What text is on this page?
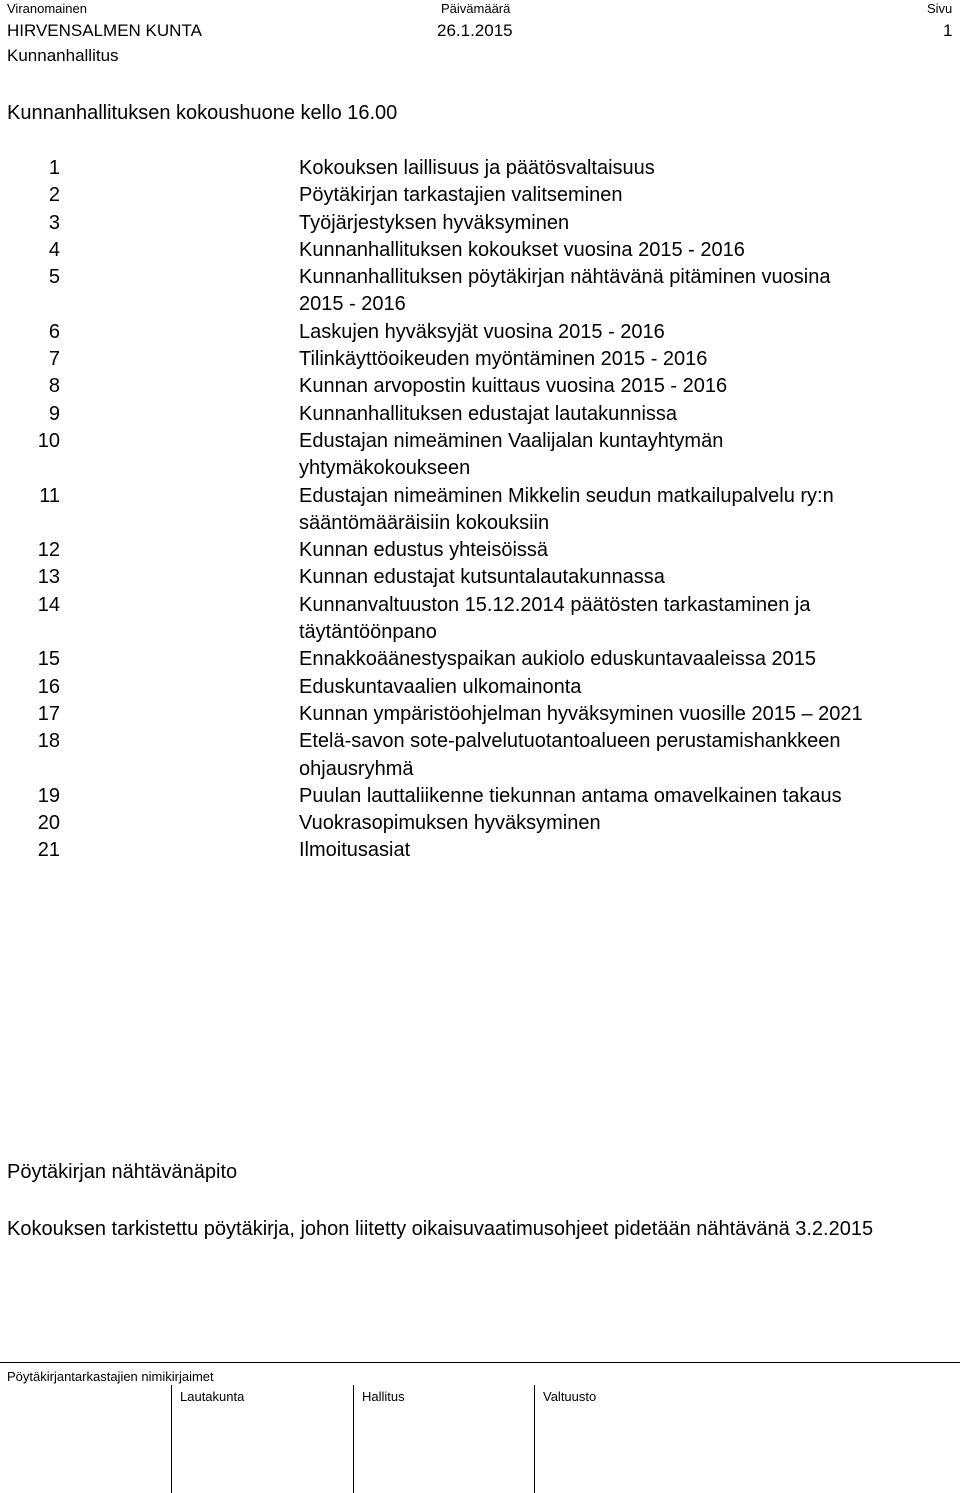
Viranomainen
HIRVENSALMEN KUNTA
Päivämäärä
26.1.2015
Sivu
1
Kunnanhallitus
Kunnanhallituksen kokoushuone kello 16.00
1	Kokouksen laillisuus ja päätösvaltaisuus
2	Pöytäkirjan tarkastajien valitseminen
3	Työjärjestyksen hyväksyminen
4	Kunnanhallituksen kokoukset vuosina 2015 - 2016
5	Kunnanhallituksen pöytäkirjan nähtävänä pitäminen vuosina
2015 - 2016
6	Laskujen hyväksyjät vuosina 2015 - 2016
7	Tilinkäyttöoikeuden myöntäminen 2015 - 2016
8	Kunnan arvopostin kuittaus vuosina 2015 - 2016
9	Kunnanhallituksen edustajat lautakunnissa
10	Edustajan nimeäminen Vaalijalan kuntayhtymän
yhtymäkokoukseen
11	Edustajan nimeäminen Mikkelin seudun matkailupalvelu ry:n
sääntömääräisiin kokouksiin
12	Kunnan edustus yhteisöissä
13	Kunnan edustajat kutsuntalautakunnassa
14	Kunnanvaltuuston 15.12.2014 päätösten tarkastaminen ja
täytäntöönpano
15	Ennakkoäänestyspaikan aukiolo eduskuntavaaleissa 2015
16	Eduskuntavaalien ulkomainonta
17	Kunnan ympäristöohjelman hyväksyminen vuosille 2015 – 2021
18	Etelä-savon sote-palvelutuotantoalueen perustamishankkeen
ohjausryhmä
19	Puulan lauttaliikenne tiekunnan antama omavelkainen takaus
20	Vuokrasopimuksen hyväksyminen
21	Ilmoitusasiat
Pöytäkirjan nähtävänäpito
Kokouksen tarkistettu pöytäkirja, johon liitetty oikaisuvaatimusohjeet pidetään nähtävänä 3.2.2015
Pöytäkirjantarkastajien nimikirjaimet
Lautakunta	Hallitus	Valtuusto
